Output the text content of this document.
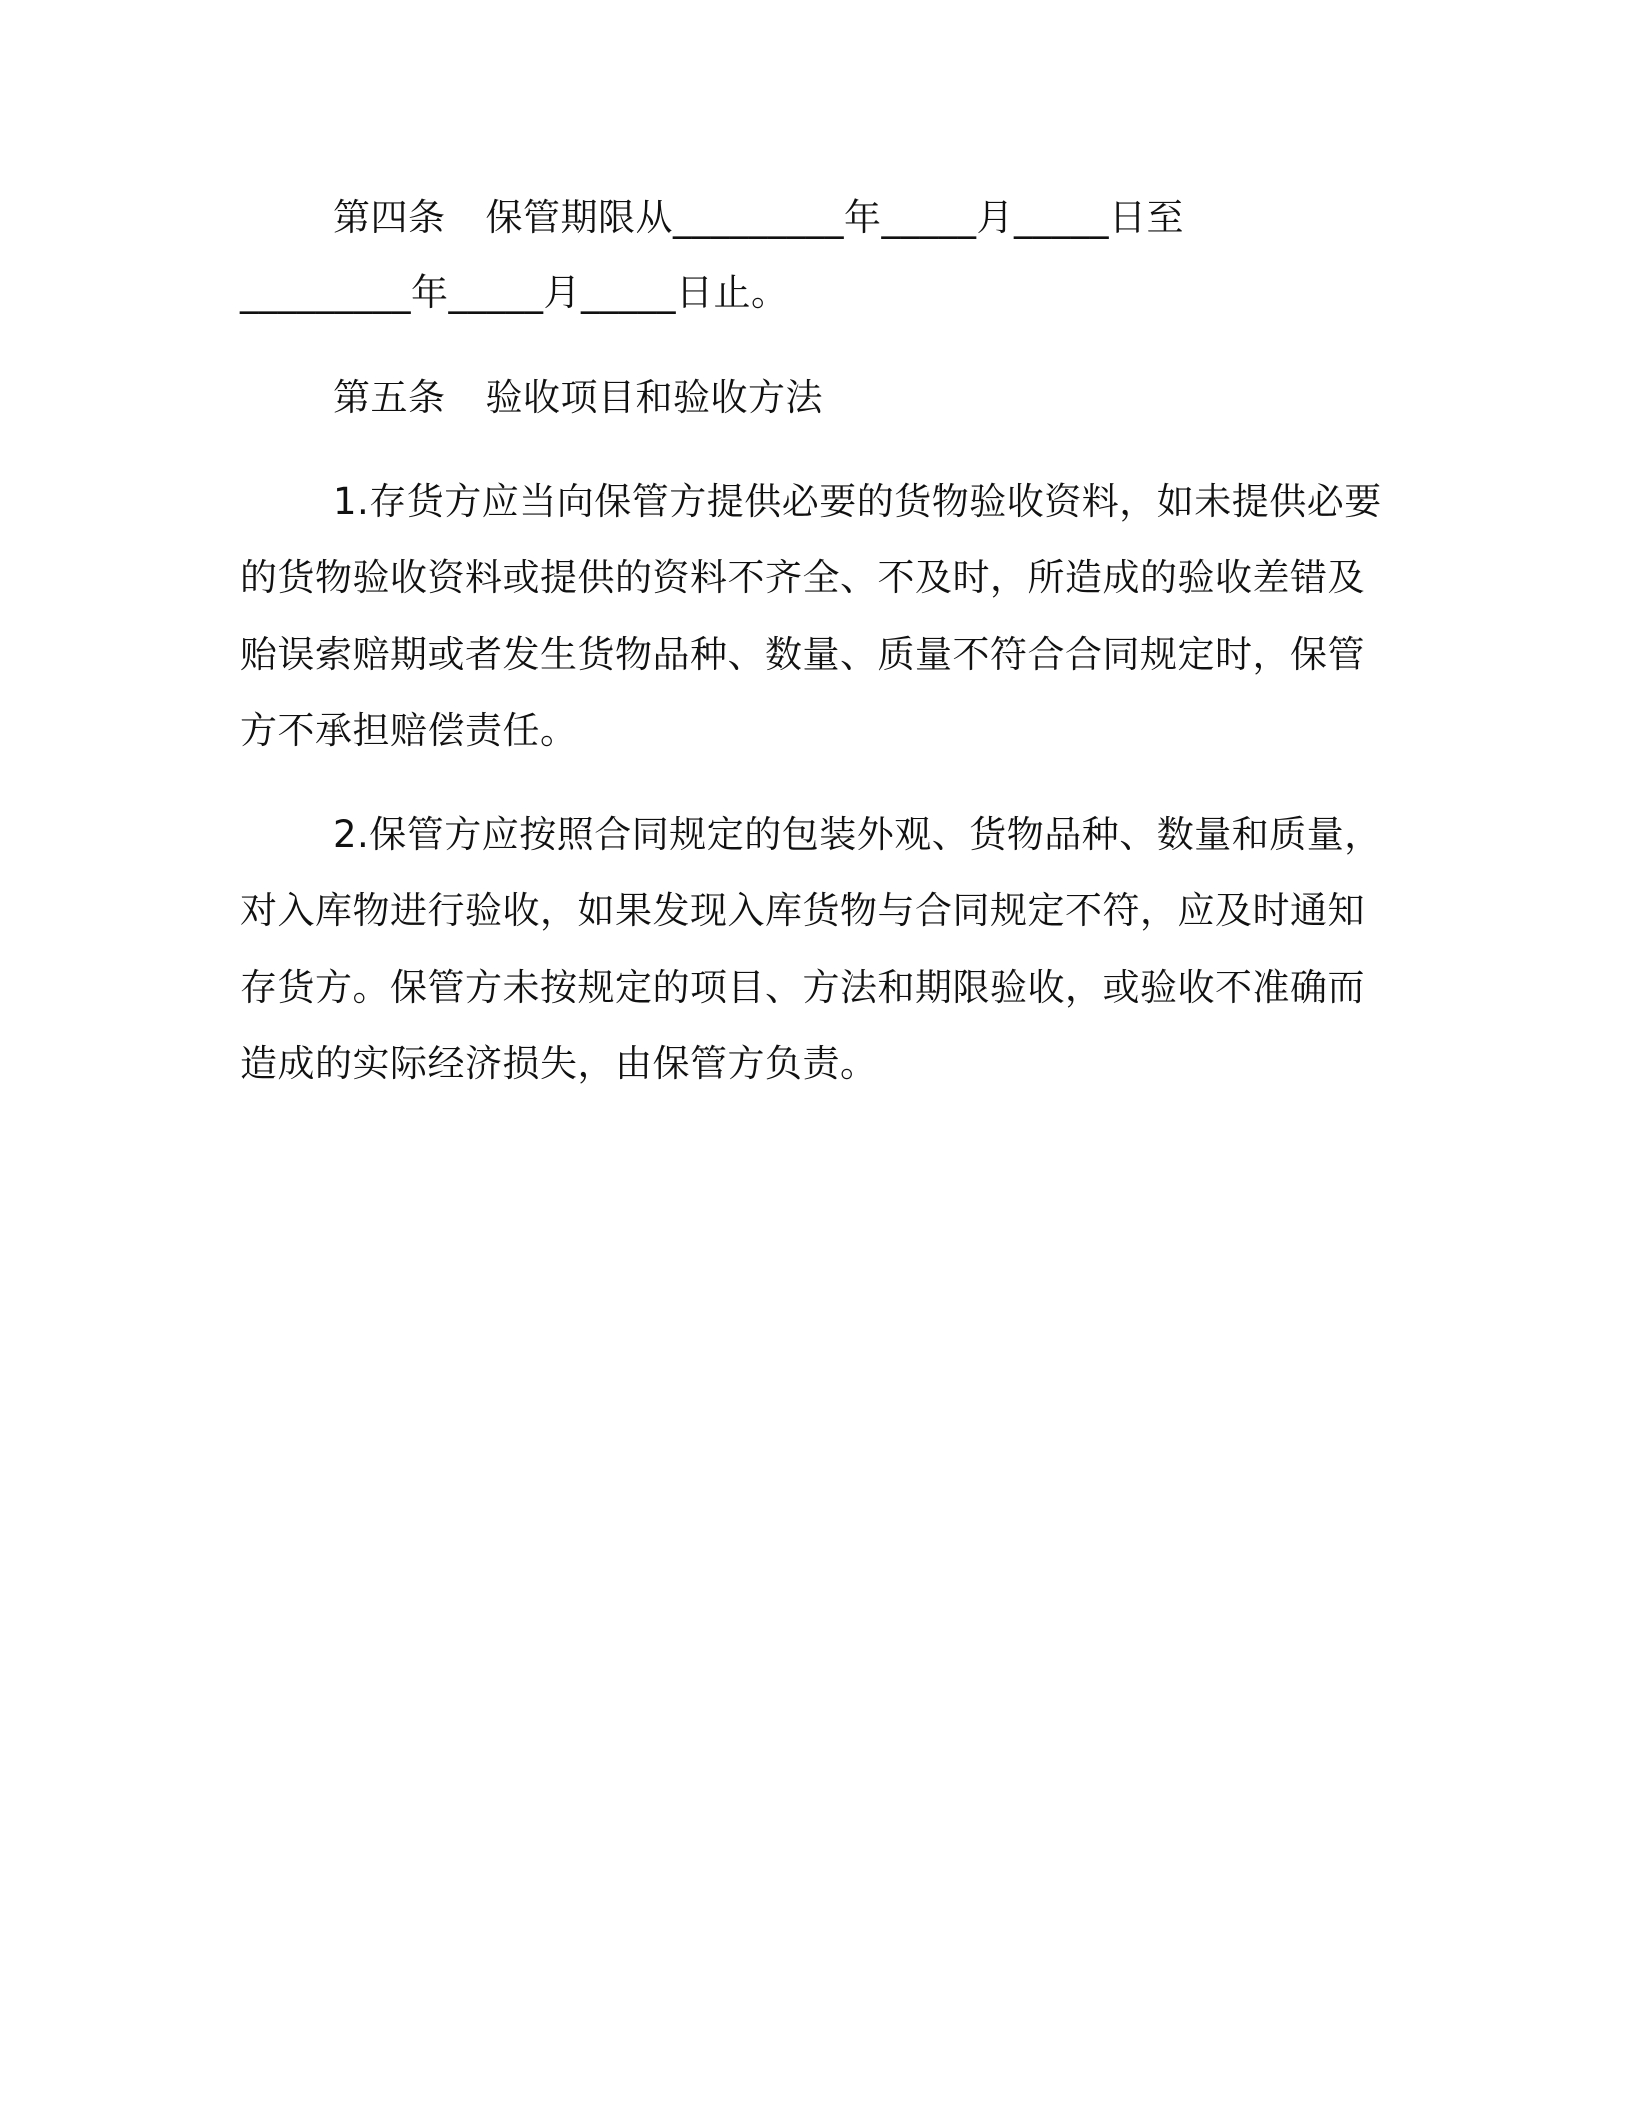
第四条 保管期限从_________年_____月_____日至
_________年_____月_____日止。
第五条 验收项目和验收方法
1.存货方应当向保管方提供必要的货物验收资料，如未提供必要
的货物验收资料或提供的资料不齐全、不及时，所造成的验收差错及
贻误索赔期或者发生货物品种、数量、质量不符合合同规定时，保管
方不承担赔偿责任。
2.保管方应按照合同规定的包装外观、货物品种、数量和质量，
对入库物进行验收，如果发现入库货物与合同规定不符，应及时通知
存货方。保管方未按规定的项目、方法和期限验收，或验收不准确而
造成的实际经济损失，由保管方负责。
